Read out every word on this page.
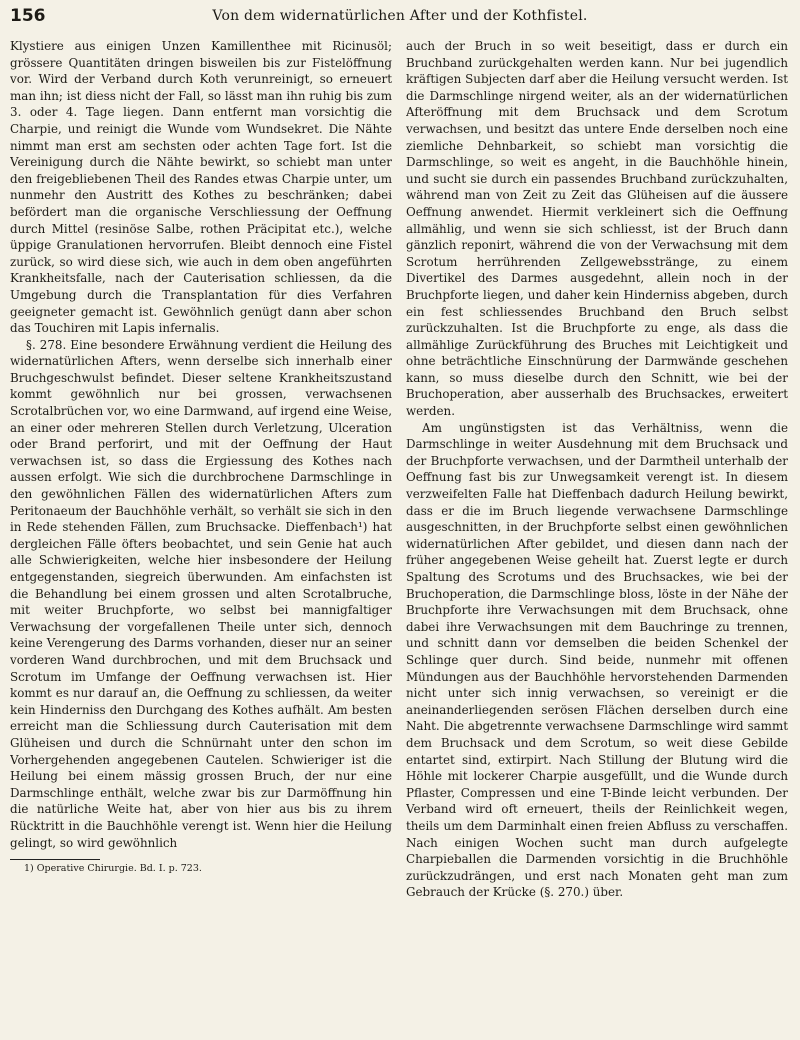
156	Von dem widernatürlichen After und der Kothfistel.

Klystiere aus einigen Unzen Kamillenthee mit Ricinusöl; grössere Quantitäten dringen bisweilen bis zur Fistelöffnung vor. Wird der Verband durch Koth verunreinigt, so erneuert man ihn; ist diess nicht der Fall, so lässt man ihn ruhig bis zum 3. oder 4. Tage liegen. Dann entfernt man vorsichtig die Charpie, und reinigt die Wunde vom Wundsekret. Die Nähte nimmt man erst am sechsten oder achten Tage fort. Ist die Vereinigung durch die Nähte bewirkt, so schiebt man unter den freigebliebenen Theil des Randes etwas Charpie unter, um nunmehr den Austritt des Kothes zu beschränken; dabei befördert man die organische Verschliessung der Oeffnung durch Mittel (resinöse Salbe, rothen Präcipitat etc.), welche üppige Granulationen hervorrufen. Bleibt dennoch eine Fistel zurück, so wird diese sich, wie auch in dem oben angeführten Krankheitsfalle, nach der Cauterisation schliessen, da die Umgebung durch die Transplantation für dies Verfahren geeigneter gemacht ist. Gewöhnlich genügt dann aber schon das Touchiren mit Lapis infernalis.

§. 278. Eine besondere Erwähnung verdient die Heilung des widernatürlichen Afters, wenn derselbe sich innerhalb einer Bruchgeschwulst befindet. Dieser seltene Krankheitszustand kommt gewöhnlich nur bei grossen, verwachsenen Scrotalbrüchen vor, wo eine Darmwand, auf irgend eine Weise, an einer oder mehreren Stellen durch Verletzung, Ulceration oder Brand perforirt, und mit der Oeffnung der Haut verwachsen ist, so dass die Ergiessung des Kothes nach aussen erfolgt. Wie sich die durchbrochene Darmschlinge in den gewöhnlichen Fällen des widernatürlichen Afters zum Peritonaeum der Bauchhöhle verhält, so verhält sie sich in den in Rede stehenden Fällen, zum Bruchsacke. Dieffenbach¹) hat dergleichen Fälle öfters beobachtet, und sein Genie hat auch alle Schwierigkeiten, welche hier insbesondere der Heilung entgegenstanden, siegreich überwunden. Am einfachsten ist die Behandlung bei einem grossen und alten Scrotalbruche, mit weiter Bruchpforte, wo selbst bei mannigfaltiger Verwachsung der vorgefallenen Theile unter sich, dennoch keine Verengerung des Darms vorhanden, dieser nur an seiner vorderen Wand durchbrochen, und mit dem Bruchsack und Scrotum im Umfange der Oeffnung verwachsen ist. Hier kommt es nur darauf an, die Oeffnung zu schliessen, da weiter kein Hinderniss den Durchgang des Kothes aufhält. Am besten erreicht man die Schliessung durch Cauterisation mit dem Glüheisen und durch die Schnürnaht unter den schon im Vorhergehenden angegebenen Cautelen. Schwieriger ist die Heilung bei einem mässig grossen Bruch, der nur eine Darmschlinge enthält, welche zwar bis zur Darmöffnung hin die natürliche Weite hat, aber von hier aus bis zu ihrem Rücktritt in die Bauchhöhle verengt ist. Wenn hier die Heilung gelingt, so wird gewöhnlich

1) Operative Chirurgie. Bd. I. p. 723.

auch der Bruch in so weit beseitigt, dass er durch ein Bruchband zurückgehalten werden kann. Nur bei jugendlich kräftigen Subjecten darf aber die Heilung versucht werden. Ist die Darmschlinge nirgend weiter, als an der widernatürlichen Afteröffnung mit dem Bruchsack und dem Scrotum verwachsen, und besitzt das untere Ende derselben noch eine ziemliche Dehnbarkeit, so schiebt man vorsichtig die Darmschlinge, so weit es angeht, in die Bauchhöhle hinein, und sucht sie durch ein passendes Bruchband zurückzuhalten, während man von Zeit zu Zeit das Glüheisen auf die äussere Oeffnung anwendet. Hiermit verkleinert sich die Oeffnung allmählig, und wenn sie sich schliesst, ist der Bruch dann gänzlich reponirt, während die von der Verwachsung mit dem Scrotum herrührenden Zellgewebsstränge, zu einem Divertikel des Darmes ausgedehnt, allein noch in der Bruchpforte liegen, und daher kein Hinderniss abgeben, durch ein fest schliessendes Bruchband den Bruch selbst zurückzuhalten. Ist die Bruchpforte zu enge, als dass die allmählige Zurückführung des Bruches mit Leichtigkeit und ohne beträchtliche Einschnürung der Darmwände geschehen kann, so muss dieselbe durch den Schnitt, wie bei der Bruchoperation, aber ausserhalb des Bruchsackes, erweitert werden.

Am ungünstigsten ist das Verhältniss, wenn die Darmschlinge in weiter Ausdehnung mit dem Bruchsack und der Bruchpforte verwachsen, und der Darmtheil unterhalb der Oeffnung fast bis zur Unwegsamkeit verengt ist. In diesem verzweifelten Falle hat Dieffenbach dadurch Heilung bewirkt, dass er die im Bruch liegende verwachsene Darmschlinge ausgeschnitten, in der Bruchpforte selbst einen gewöhnlichen widernatürlichen After gebildet, und diesen dann nach der früher angegebenen Weise geheilt hat. Zuerst legte er durch Spaltung des Scrotums und des Bruchsackes, wie bei der Bruchoperation, die Darmschlinge bloss, löste in der Nähe der Bruchpforte ihre Verwachsungen mit dem Bruchsack, ohne dabei ihre Verwachsungen mit dem Bauchringe zu trennen, und schnitt dann vor demselben die beiden Schenkel der Schlinge quer durch. Sind beide, nunmehr mit offenen Mündungen aus der Bauchhöhle hervorstehenden Darmenden nicht unter sich innig verwachsen, so vereinigt er die aneinanderliegenden serösen Flächen derselben durch eine Naht. Die abgetrennte verwachsene Darmschlinge wird sammt dem Bruchsack und dem Scrotum, so weit diese Gebilde entartet sind, extirpirt. Nach Stillung der Blutung wird die Höhle mit lockerer Charpie ausgefüllt, und die Wunde durch Pflaster, Compressen und eine T-Binde leicht verbunden. Der Verband wird oft erneuert, theils der Reinlichkeit wegen, theils um dem Darminhalt einen freien Abfluss zu verschaffen. Nach einigen Wochen sucht man durch aufgelegte Charpieballen die Darmenden vorsichtig in die Bruchhöhle zurückzudrängen, und erst nach Monaten geht man zum Gebrauch der Krücke (§. 270.) über.
